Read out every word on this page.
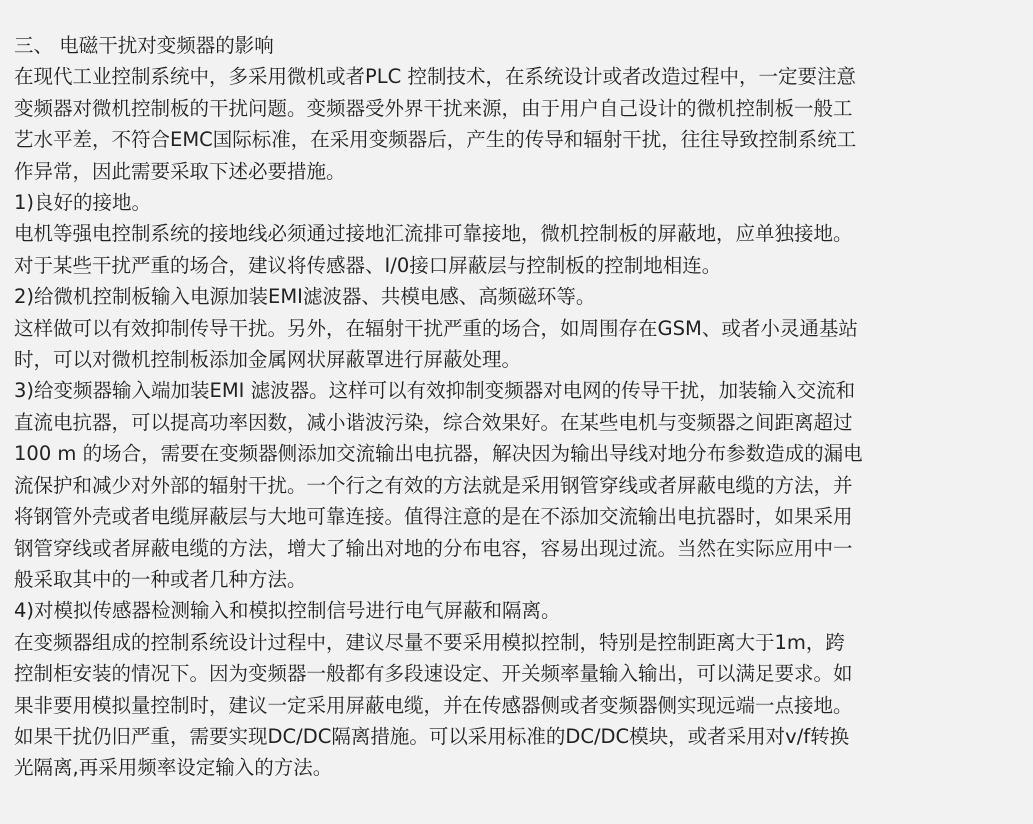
三、 电磁干扰对变频器的影响
在现代工业控制系统中，多采用微机或者PLC 控制技术，在系统设计或者改造过程中，一定要注意
变频器对微机控制板的干扰问题。变频器受外界干扰来源，由于用户自己设计的微机控制板一般工
艺水平差，不符合EMC国际标准，在采用变频器后，产生的传导和辐射干扰，往往导致控制系统工
作异常，因此需要采取下述必要措施。
1)良好的接地。
电机等强电控制系统的接地线必须通过接地汇流排可靠接地，微机控制板的屏蔽地，应单独接地。
对于某些干扰严重的场合，建议将传感器、I/0接口屏蔽层与控制板的控制地相连。
2)给微机控制板输入电源加装EMI滤波器、共模电感、高频磁环等。
这样做可以有效抑制传导干扰。另外，在辐射干扰严重的场合，如周围存在GSM、或者小灵通基站
时，可以对微机控制板添加金属网状屏蔽罩进行屏蔽处理。
3)给变频器输入端加装EMI 滤波器。这样可以有效抑制变频器对电网的传导干扰，加装输入交流和
直流电抗器，可以提高功率因数，减小谐波污染，综合效果好。在某些电机与变频器之间距离超过
100 m 的场合，需要在变频器侧添加交流输出电抗器，解决因为输出导线对地分布参数造成的漏电
流保护和减少对外部的辐射干扰。一个行之有效的方法就是采用钢管穿线或者屏蔽电缆的方法，并
将钢管外壳或者电缆屏蔽层与大地可靠连接。值得注意的是在不添加交流输出电抗器时，如果采用
钢管穿线或者屏蔽电缆的方法，增大了输出对地的分布电容，容易出现过流。当然在实际应用中一
般采取其中的一种或者几种方法。
4)对模拟传感器检测输入和模拟控制信号进行电气屏蔽和隔离。
在变频器组成的控制系统设计过程中，建议尽量不要采用模拟控制，特别是控制距离大于1m，跨
控制柜安装的情况下。因为变频器一般都有多段速设定、开关频率量输入输出，可以满足要求。如
果非要用模拟量控制时，建议一定采用屏蔽电缆，并在传感器侧或者变频器侧实现远端一点接地。
如果干扰仍旧严重，需要实现DC/DC隔离措施。可以采用标准的DC/DC模块，或者采用对v/f转换
光隔离,再采用频率设定输入的方法。
